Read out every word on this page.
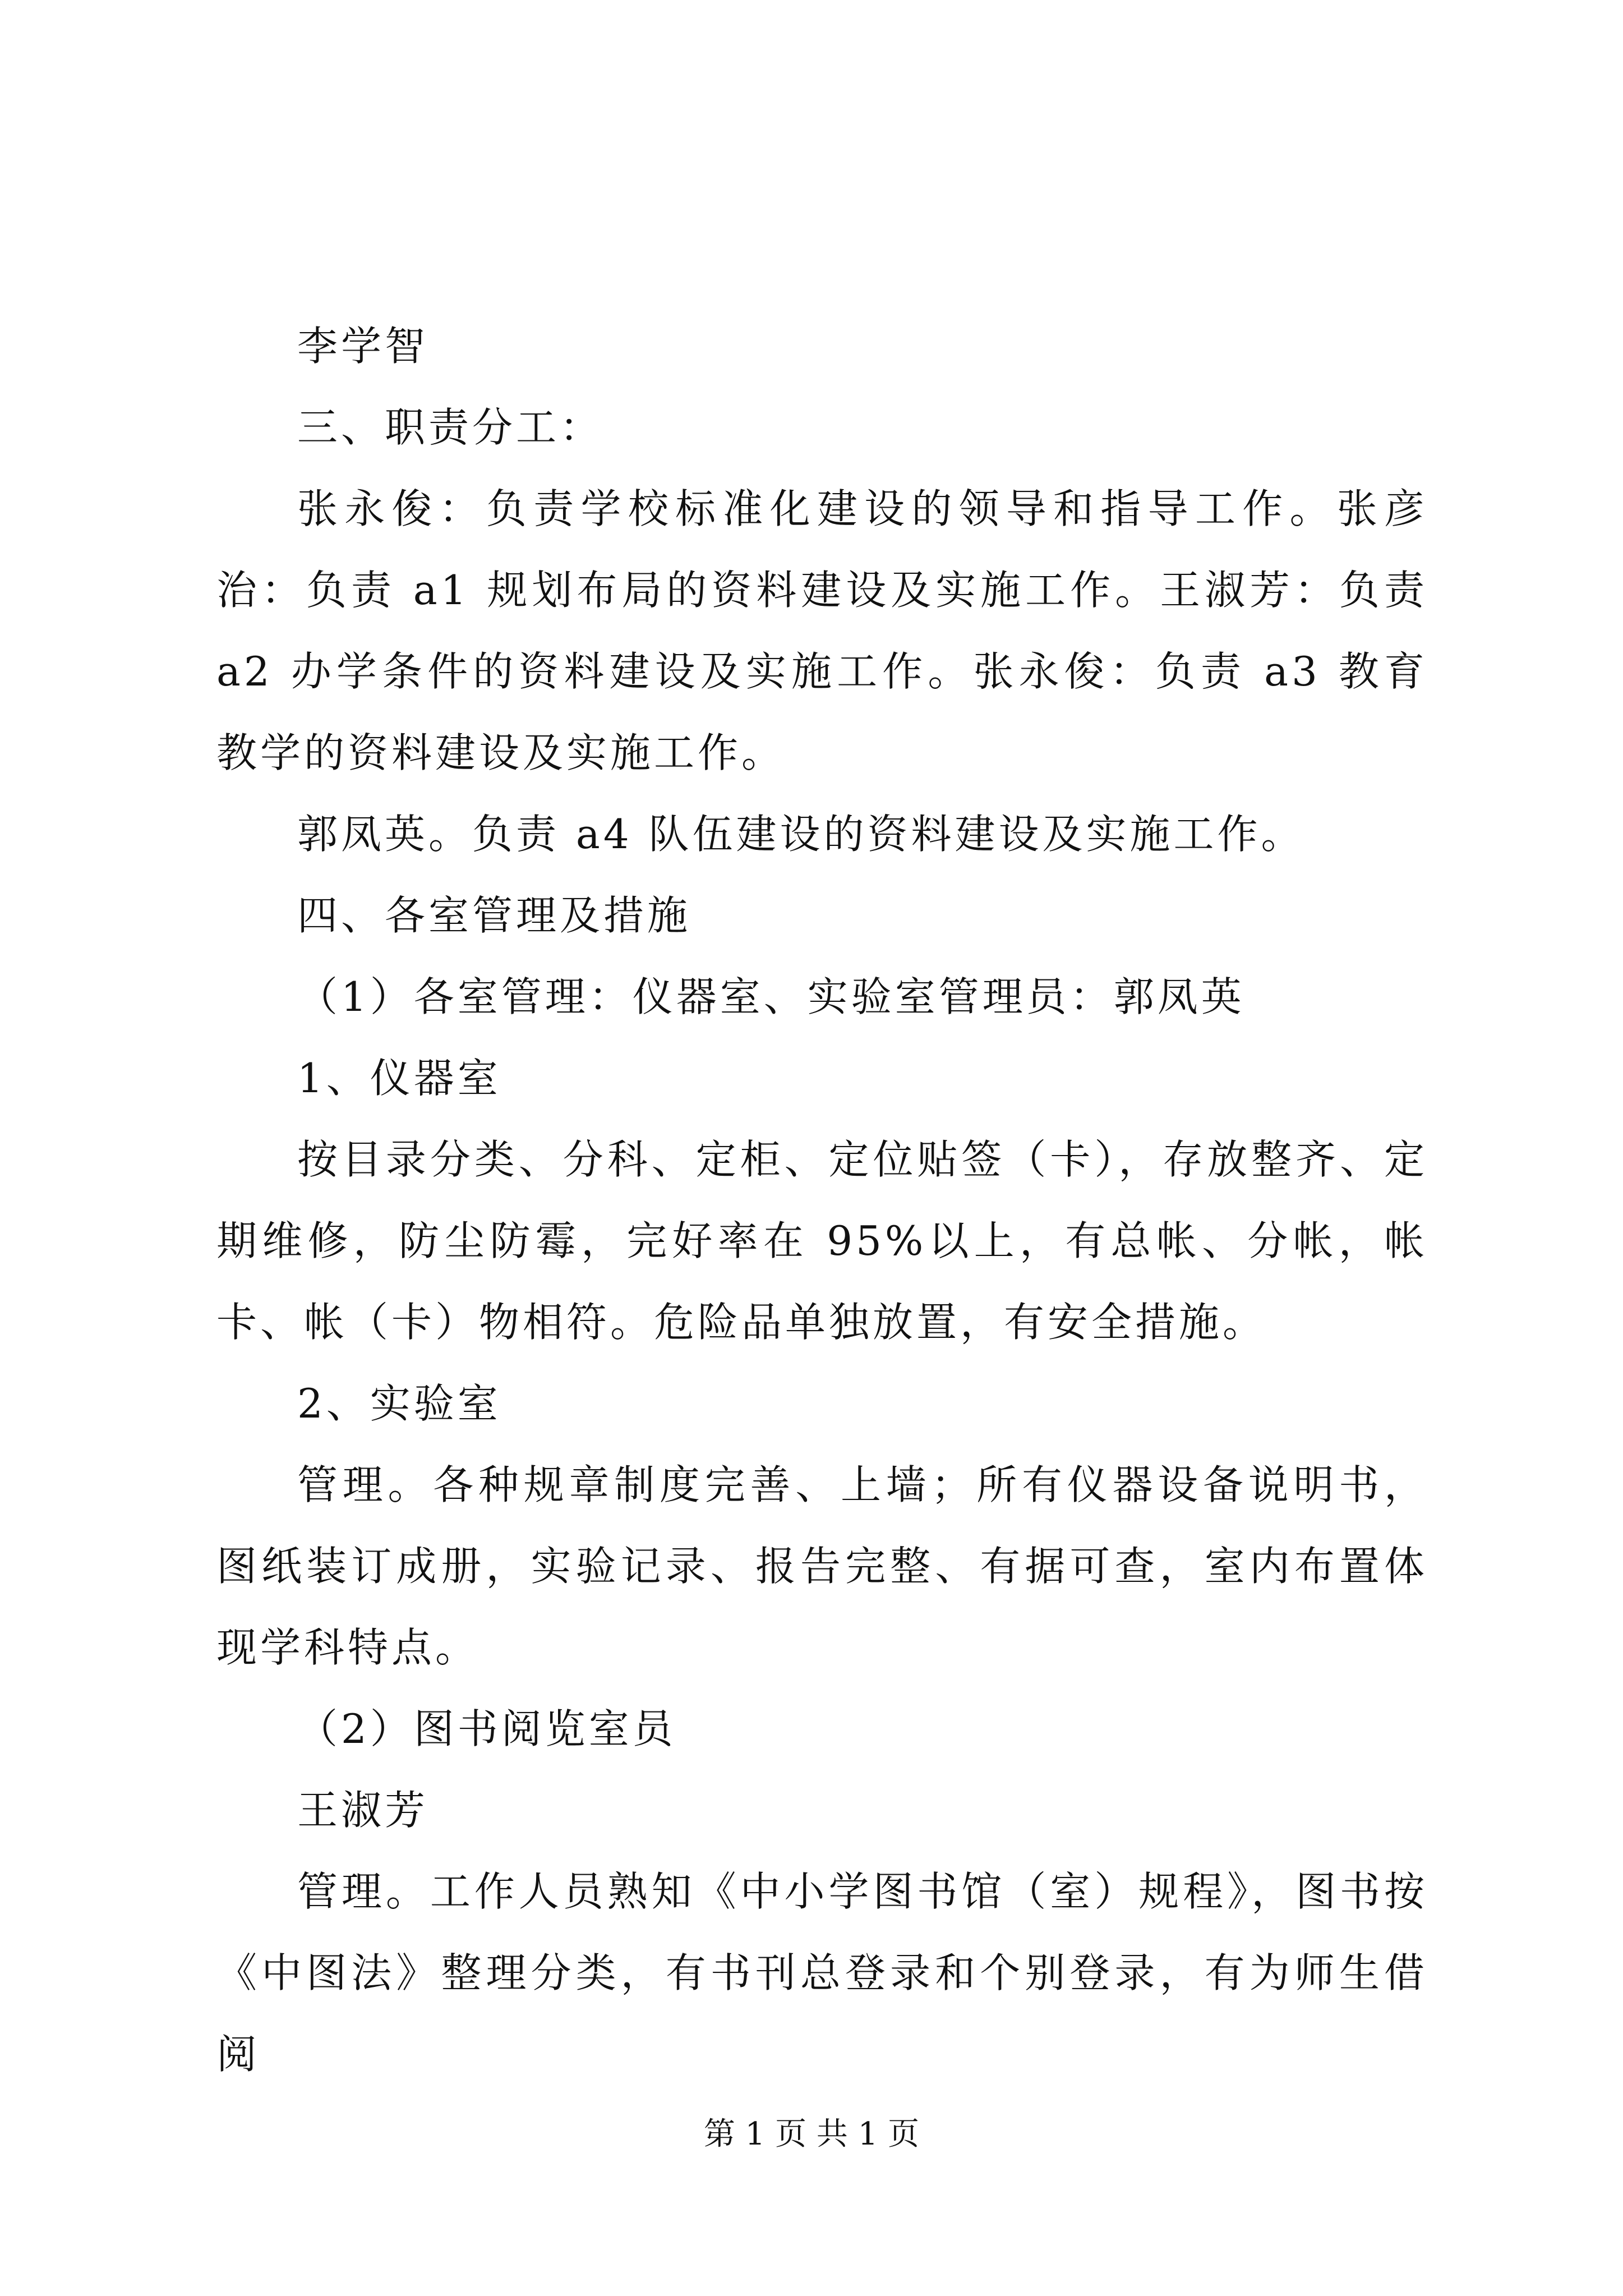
李学智

三、职责分工：

张永俊：负责学校标准化建设的领导和指导工作。张彦治：负责 a1 规划布局的资料建设及实施工作。王淑芳：负责 a2 办学条件的资料建设及实施工作。张永俊：负责 a3 教育教学的资料建设及实施工作。

郭凤英。负责 a4 队伍建设的资料建设及实施工作。

四、各室管理及措施

（1）各室管理：仪器室、实验室管理员：郭凤英

1、仪器室

按目录分类、分科、定柜、定位贴签（卡），存放整齐、定期维修，防尘防霉，完好率在 95%以上，有总帐、分帐，帐卡、帐（卡）物相符。危险品单独放置，有安全措施。

2、实验室

管理。各种规章制度完善、上墙；所有仪器设备说明书，图纸装订成册，实验记录、报告完整、有据可查，室内布置体现学科特点。

（2）图书阅览室员

王淑芳

管理。工作人员熟知《中小学图书馆（室）规程》，图书按《中图法》整理分类，有书刊总登录和个别登录，有为师生借阅

第 1 页 共 1 页
